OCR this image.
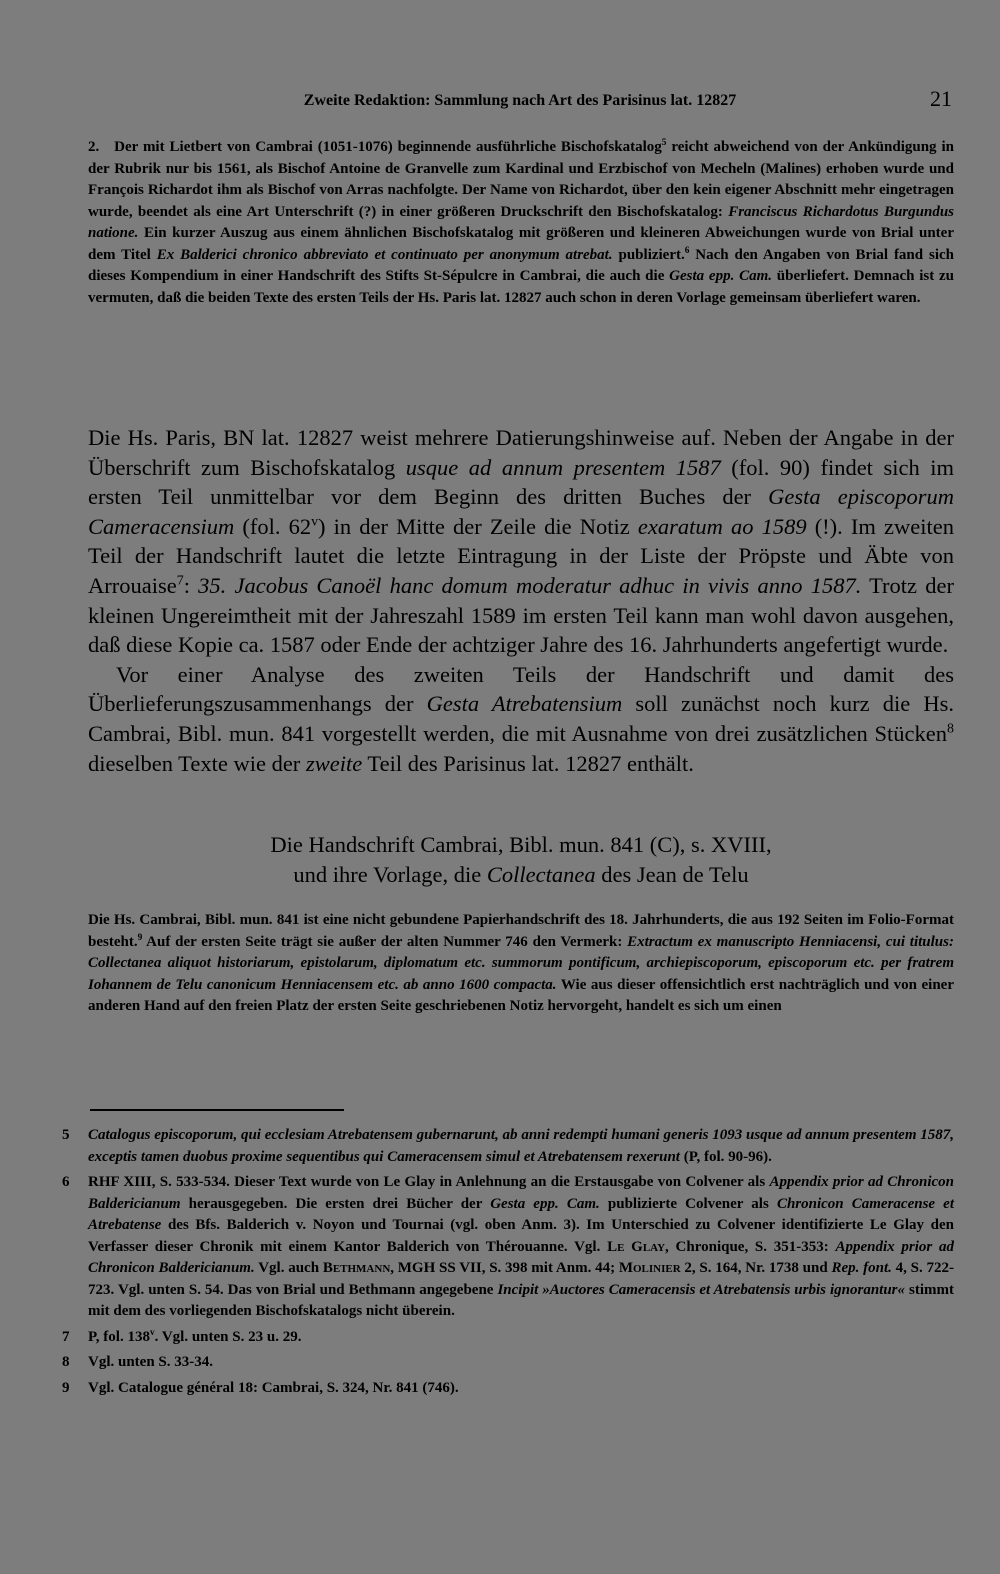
Zweite Redaktion: Sammlung nach Art des Parisinus lat. 12827	21

2. Der mit Lietbert von Cambrai (1051-1076) beginnende ausführliche Bischofskatalog$^5$ reicht abweichend von der Ankündigung in der Rubrik nur bis 1561, als Bischof Antoine de Granvelle zum Kardinal und Erzbischof von Mecheln (Malines) erhoben wurde und François Richardot ihm als Bischof von Arras nachfolgte. Der Name von Richardot, über den kein eigener Abschnitt mehr eingetragen wurde, beendet als eine Art Unterschrift (?) in einer größeren Druckschrift den Bischofskatalog: Franciscus Richardotus Burgundus natione. Ein kurzer Auszug aus einem ähnlichen Bischofskatalog mit größeren und kleineren Abweichungen wurde von Brial unter dem Titel Ex Balderici chronico abbreviato et continuato per anonymum atrebat. publiziert.$^6$ Nach den Angaben von Brial fand sich dieses Kompendium in einer Handschrift des Stifts St-Sépulcre in Cambrai, die auch die Gesta epp. Cam. überliefert. Demnach ist zu vermuten, daß die beiden Texte des ersten Teils der Hs. Paris lat. 12827 auch schon in deren Vorlage gemeinsam überliefert waren.

Die Hs. Paris, BN lat. 12827 weist mehrere Datierungshinweise auf. Neben der Angabe in der Überschrift zum Bischofskatalog usque ad annum presentem 1587 (fol. 90) findet sich im ersten Teil unmittelbar vor dem Beginn des dritten Buches der Gesta episcoporum Cameracensium (fol. 62$^v$) in der Mitte der Zeile die Notiz exaratum ao 1589 (!). Im zweiten Teil der Handschrift lautet die letzte Eintragung in der Liste der Pröpste und Äbte von Arrouaise$^7$: 35. Jacobus Canoël hanc domum moderatur adhuc in vivis anno 1587. Trotz der kleinen Ungereimtheit mit der Jahreszahl 1589 im ersten Teil kann man wohl davon ausgehen, daß diese Kopie ca. 1587 oder Ende der achtziger Jahre des 16. Jahrhunderts angefertigt wurde.

Vor einer Analyse des zweiten Teils der Handschrift und damit des Überlieferungszusammenhangs der Gesta Atrebatensium soll zunächst noch kurz die Hs. Cambrai, Bibl. mun. 841 vorgestellt werden, die mit Ausnahme von drei zusätzlichen Stücken$^8$ dieselben Texte wie der zweite Teil des Parisinus lat. 12827 enthält.

Die Handschrift Cambrai, Bibl. mun. 841 (C), s. XVIII,
und ihre Vorlage, die Collectanea des Jean de Telu

Die Hs. Cambrai, Bibl. mun. 841 ist eine nicht gebundene Papierhandschrift des 18. Jahrhunderts, die aus 192 Seiten im Folio-Format besteht.$^9$ Auf der ersten Seite trägt sie außer der alten Nummer 746 den Vermerk: Extractum ex manuscripto Henniacensi, cui titulus: Collectanea aliquot historiarum, epistolarum, diplomatum etc. summorum pontificum, archiepiscoporum, episcoporum etc. per fratrem Iohannem de Telu canonicum Henniacensem etc. ab anno 1600 compacta. Wie aus dieser offensichtlich erst nachträglich und von einer anderen Hand auf den freien Platz der ersten Seite geschriebenen Notiz hervorgeht, handelt es sich um einen

5	Catalogus episcoporum, qui ecclesiam Atrebatensem gubernarunt, ab anni redempti humani generis 1093 usque ad annum presentem 1587, exceptis tamen duobus proxime sequentibus qui Cameracensem simul et Atrebatensem rexerunt (P, fol. 90-96).
6	RHF XIII, S. 533-534. Dieser Text wurde von Le Glay in Anlehnung an die Erstausgabe von Colvener als Appendix prior ad Chronicon Baldericianum herausgegeben. Die ersten drei Bücher der Gesta epp. Cam. publizierte Colvener als Chronicon Cameracense et Atrebatense des Bfs. Balderich v. Noyon und Tournai (vgl. oben Anm. 3). Im Unterschied zu Colvener identifizierte Le Glay den Verfasser dieser Chronik mit einem Kantor Balderich von Thérouanne. Vgl. Le Glay, Chronique, S. 351-353: Appendix prior ad Chronicon Baldericianum. Vgl. auch Bethmann, MGH SS VII, S. 398 mit Anm. 44; Molinier 2, S. 164, Nr. 1738 und Rep. font. 4, S. 722-723. Vgl. unten S. 54. Das von Brial und Bethmann angegebene Incipit »Auctores Cameracensis et Atrebatensis urbis ignorantur« stimmt mit dem des vorliegenden Bischofskatalogs nicht überein.
7	P, fol. 138$^v$. Vgl. unten S. 23 u. 29.
8	Vgl. unten S. 33-34.
9	Vgl. Catalogue général 18: Cambrai, S. 324, Nr. 841 (746).
